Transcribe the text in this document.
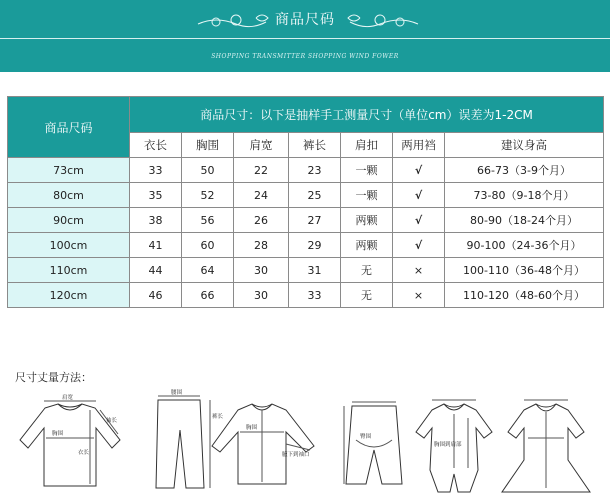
商品尺码
SHOPPING TRANSMITTER SHOPPING WIND FOWER
商品尺码	商品尺寸：以下是抽样手工测量尺寸（单位cm）误差为1-2CM						
	衣长	胸围	肩宽	裤长	肩扣	两用裆	建议身高
73cm	33	50	22	23	一颗	√	66-73（3-9个月）
80cm	35	52	24	25	一颗	√	73-80（9-18个月）
90cm	38	56	26	27	两颗	√	80-90（18-24个月）
100cm	41	60	28	29	两颗	√	90-100（24-36个月）
110cm	44	64	30	31	无	×	100-110（36-48个月）
120cm	46	66	30	33	无	×	110-120（48-60个月）
尺寸丈量方法：
肩宽
袖长
胸围
衣长
腰围
裤长
胸围
腋下到袖口
臀围
胸围到肩部
